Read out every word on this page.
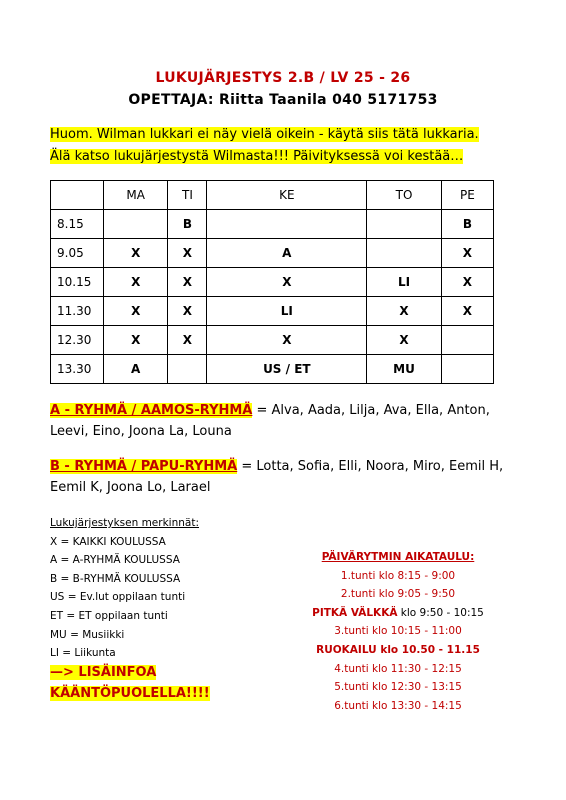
LUKUJÄRJESTYS 2.B / LV 25 - 26
OPETTAJA: Riitta Taanila 040 5171753
Huom. Wilman lukkari ei näy vielä oikein - käytä siis tätä lukkaria.
Älä katso lukujärjestystä Wilmasta!!! Päivityksessä voi kestää…
	MA	TI	KE	TO	PE
8.15		B			B
9.05	X	X	A		X
10.15	X	X	X	LI	X
11.30	X	X	LI	X	X
12.30	X	X	X	X	
13.30	A		US / ET	MU	
A - RYHMÄ / AAMOS-RYHMÄ = Alva, Aada, Lilja, Ava, Ella, Anton, Leevi, Eino, Joona La, Louna
B - RYHMÄ / PAPU-RYHMÄ = Lotta, Sofia, Elli, Noora, Miro, Eemil H, Eemil K, Joona Lo, Larael
Lukujärjestyksen merkinnät:
X = KAIKKI KOULUSSA
A = A-RYHMÄ KOULUSSA
B = B-RYHMÄ KOULUSSA
US = Ev.lut oppilaan tunti
ET = ET oppilaan tunti
MU = Musiikki
LI = Liikunta
—> LISÄINFOA
KÄÄNTÖPUOLELLA!!!!
PÄIVÄRYTMIN AIKATAULU:
1.tunti klo 8:15 - 9:00
2.tunti klo 9:05 - 9:50
PITKÄ VÄLKKÄ klo 9:50 - 10:15
3.tunti klo 10:15 - 11:00
RUOKAILU klo 10.50 - 11.15
4.tunti klo 11:30 - 12:15
5.tunti klo 12:30 - 13:15
6.tunti klo 13:30 - 14:15
